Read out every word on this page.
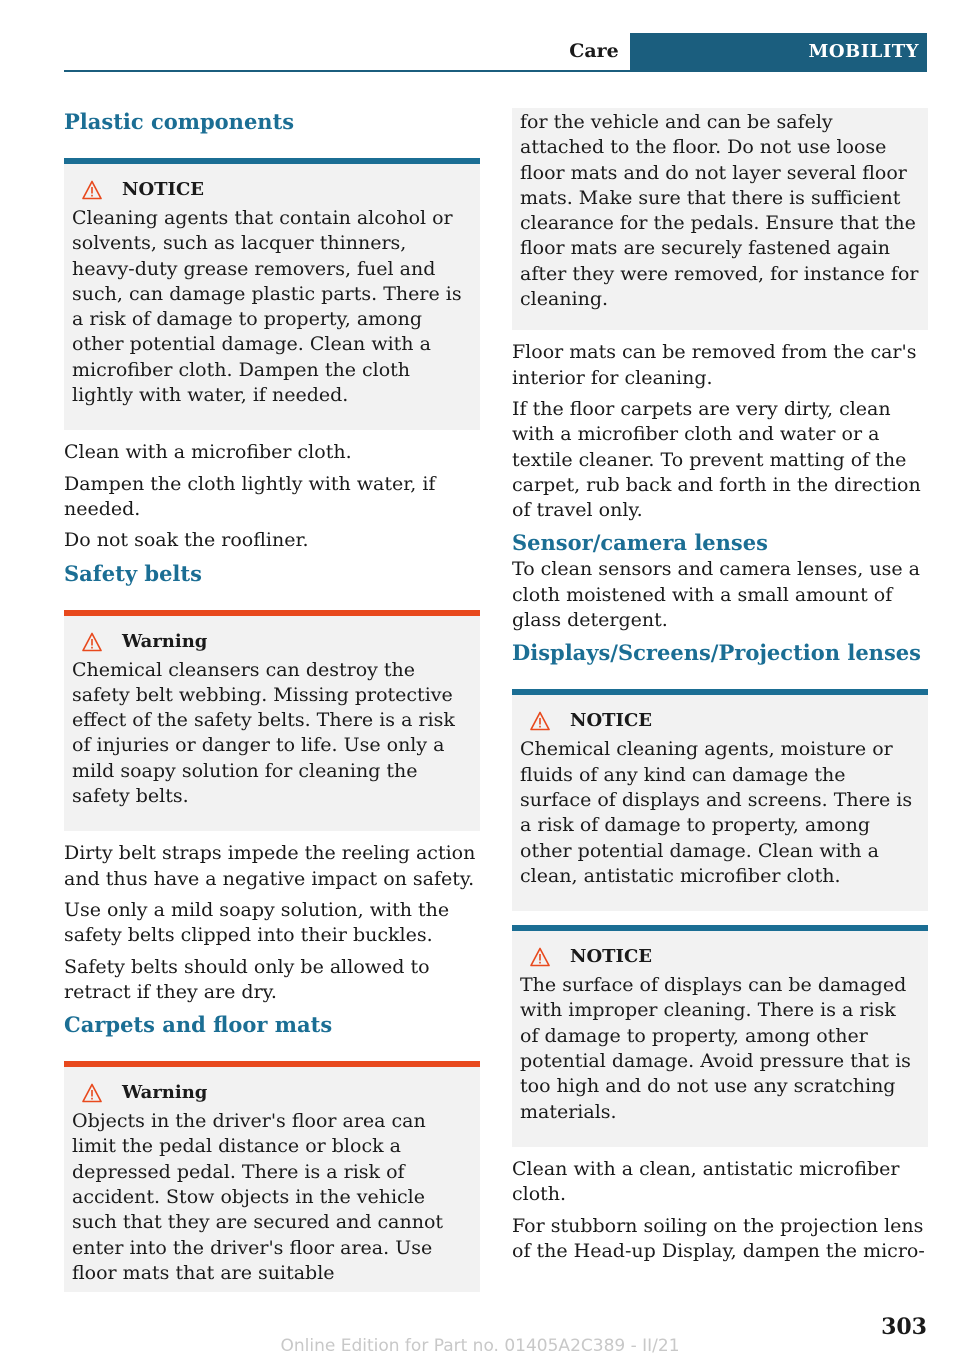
Care	MOBILITY
Plastic components
NOTICE

Cleaning agents that contain alcohol or solvents, such as lacquer thinners, heavy-duty grease removers, fuel and such, can damage plastic parts. There is a risk of damage to property, among other potential damage. Clean with a microfiber cloth. Dampen the cloth lightly with water, if needed.

Clean with a microfiber cloth.

Dampen the cloth lightly with water, if needed.

Do not soak the roofliner.

Safety belts
Warning

Chemical cleansers can destroy the safety belt webbing. Missing protective effect of the safety belts. There is a risk of injuries or danger to life. Use only a mild soapy solution for cleaning the safety belts.

Dirty belt straps impede the reeling action and thus have a negative impact on safety.

Use only a mild soapy solution, with the safety belts clipped into their buckles.

Safety belts should only be allowed to retract if they are dry.

Carpets and floor mats
Warning

Objects in the driver's floor area can limit the pedal distance or block a depressed pedal. There is a risk of accident. Stow objects in the vehicle such that they are secured and cannot enter into the driver's floor area. Use floor mats that are suitable

for the vehicle and can be safely attached to the floor. Do not use loose floor mats and do not layer several floor mats. Make sure that there is sufficient clearance for the pedals. Ensure that the floor mats are securely fastened again after they were removed, for instance for cleaning.

Floor mats can be removed from the car's interior for cleaning.

If the floor carpets are very dirty, clean with a microfiber cloth and water or a textile cleaner. To prevent matting of the carpet, rub back and forth in the direction of travel only.

Sensor/camera lenses

To clean sensors and camera lenses, use a cloth moistened with a small amount of glass detergent.

Displays/Screens/Projection lenses
NOTICE

Chemical cleaning agents, moisture or fluids of any kind can damage the surface of displays and screens. There is a risk of damage to property, among other potential damage. Clean with a clean, antistatic microfiber cloth.

NOTICE

The surface of displays can be damaged with improper cleaning. There is a risk of damage to property, among other potential damage. Avoid pressure that is too high and do not use any scratching materials.

Clean with a clean, antistatic microfiber cloth.

For stubborn soiling on the projection lens of the Head-up Display, dampen the micro-

303
Online Edition for Part no. 01405A2C389 - II/21
